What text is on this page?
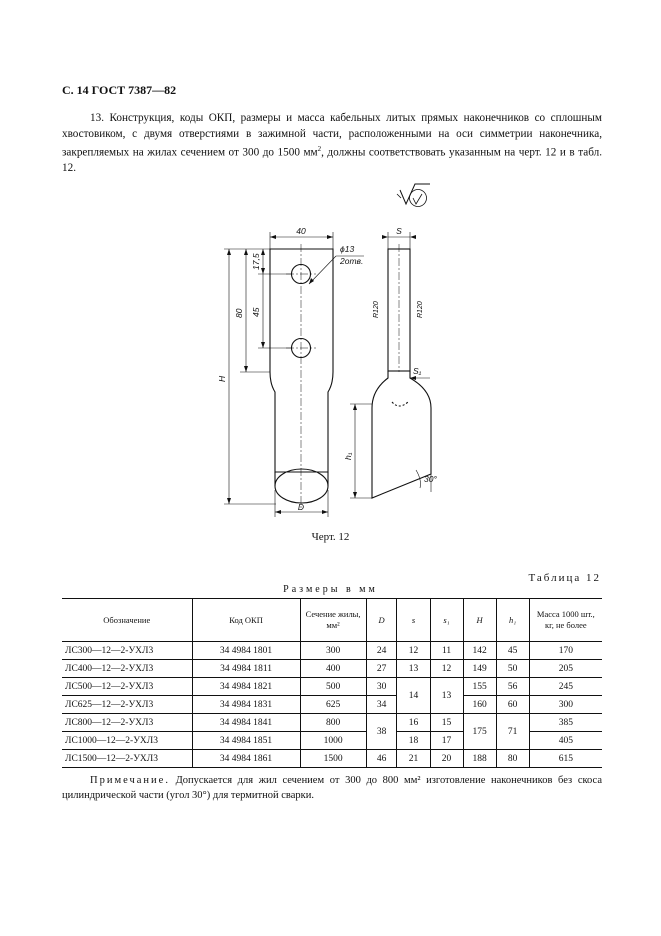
С. 14 ГОСТ 7387—82
13. Конструкция, коды ОКП, размеры и масса кабельных литых прямых наконечников со сплошным хвостовиком, с двумя отверстиями в зажимной части, расположенными на оси симметрии наконечника, закрепляемых на жилах сечением от 300 до 1500 $мм^2$, должны соответствовать указанным на черт. 12 и в табл. 12.
40	S
ϕ13
2отв.
17,5
80 45
H
D
h₁
S₁
30°
R120	R120
Черт. 12
Таблица 12
Размеры в мм
Обозначение	Код ОКП	Сечение жилы, мм²	D	s	s₁	H	h₁	Масса 1000 шт., кг, не более
ЛС300—12—2-УХЛ3	34 4984 1801	300	24	12	11	142	45	170
ЛС400—12—2-УХЛ3	34 4984 1811	400	27	13	12	149	50	205
ЛС500—12—2-УХЛ3	34 4984 1821	500	30	14	13	155	56	245
ЛС625—12—2-УХЛ3	34 4984 1831	625	34			160	60	300
ЛС800—12—2-УХЛ3	34 4984 1841	800	38	16	15	175	71	385
ЛС1000—12—2-УХЛ3	34 4984 1851	1000		18	17			405
ЛС1500—12—2-УХЛ3	34 4984 1861	1500	46	21	20	188	80	615
Примечание. Допускается для жил сечением от 300 до 800 мм² изготовление наконечников без скоса цилиндрической части (угол 30°) для термитной сварки.
